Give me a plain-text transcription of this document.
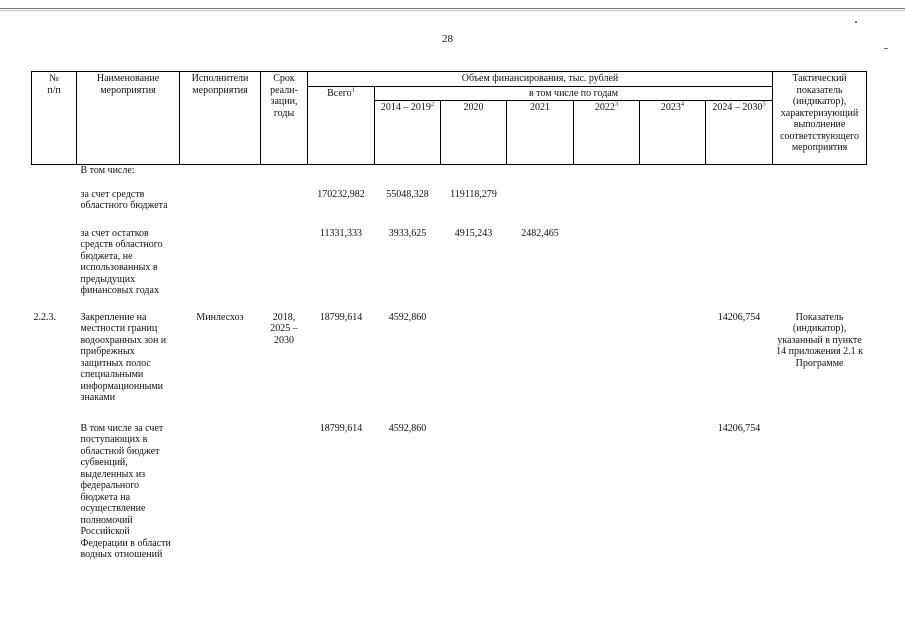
28
№
п/п	Наименование мероприятия	Исполнители мероприятия	Срок реали-зации, годы	Объем финансирования, тыс. рублей							Тактический показатель (индикатор), характеризующий выполнение соответствующего мероприятия
				Всего$^1$	в том числе по годам						
					2014 – 2019$^2$	2020	2021	2022$^3$	2023$^4$	2024 – 2030$^5$
	В том числе:										
	за счет средств областного бюджета			170232,982	55048,328	119118,279					
	за счет остатков средств областного бюджета, не использованных в предыдущих финансовых годах			11331,333	3933,625	4915,243	2482,465				
2.2.3.	Закрепление на местности границ водоохранных зон и прибрежных защитных полос специальными информационными знаками	Минлесхоз	2018, 2025 – 2030	18799,614	4592,860					14206,754	Показатель (индикатор), указанный в пункте 14 приложения 2.1 к Программе
	В том числе за счет поступающих в областной бюджет субвенций, выделенных из федерального бюджета на осуществление полномочий Российской Федерации в области водных отношений			18799,614	4592,860					14206,754	
